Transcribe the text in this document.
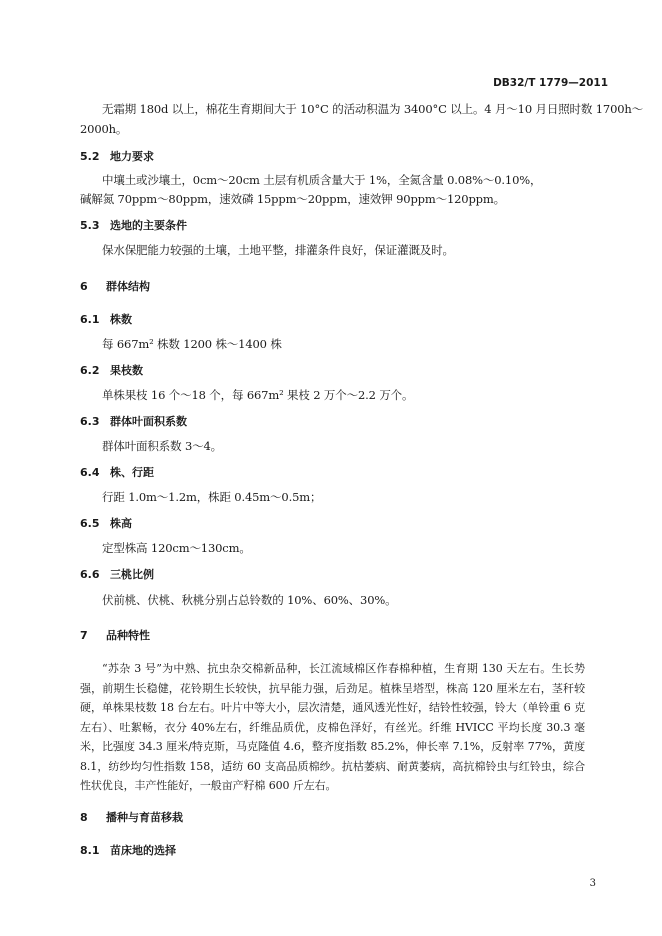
DB32/T 1779—2011
无霜期 180d 以上，棉花生育期间大于 10°C 的活动积温为 3400°C 以上。4 月～10 月日照时数 1700h～
2000h。
5.2 地力要求
中壤土或沙壤土，0cm～20cm 土层有机质含量大于 1%，全氮含量 0.08%～0.10%，
碱解氮 70ppm～80ppm，速效磷 15ppm～20ppm，速效钾 90ppm～120ppm。
5.3 选地的主要条件
保水保肥能力较强的土壤，土地平整，排灌条件良好，保证灌溉及时。
6 群体结构
6.1 株数
每 667m² 株数 1200 株～1400 株
6.2 果枝数
单株果枝 16 个～18 个，每 667m² 果枝 2 万个～2.2 万个。
6.3 群体叶面积系数
群体叶面积系数 3～4。
6.4 株、行距
行距 1.0m～1.2m，株距 0.45m～0.5m；
6.5 株高
定型株高 120cm～130cm。
6.6 三桃比例
伏前桃、伏桃、秋桃分别占总铃数的 10%、60%、30%。
7 品种特性
“苏杂 3 号”为中熟、抗虫杂交棉新品种，长江流域棉区作春棉种植，生育期 130 天左右。生长势强，前期生长稳健，花铃期生长较快，抗早能力强，后劲足。植株呈塔型，株高 120 厘米左右，茎秆较硬，单株果枝数 18 台左右。叶片中等大小，层次清楚，通风透光性好，结铃性较强，铃大（单铃重 6 克左右）、吐絮畅，衣分 40%左右，纤维品质优，皮棉色泽好，有丝光。纤维 HVICC 平均长度 30.3 毫米，比强度 34.3 厘米/特克斯，马克隆值 4.6，整齐度指数 85.2%，伸长率 7.1%，反射率 77%，黄度 8.1，纺纱均匀性指数 158，适纺 60 支高品质棉纱。抗枯萎病、耐黄萎病，高抗棉铃虫与红铃虫，综合性状优良，丰产性能好，一般亩产籽棉 600 斤左右。
8 播种与育苗移栽
8.1 苗床地的选择
3
